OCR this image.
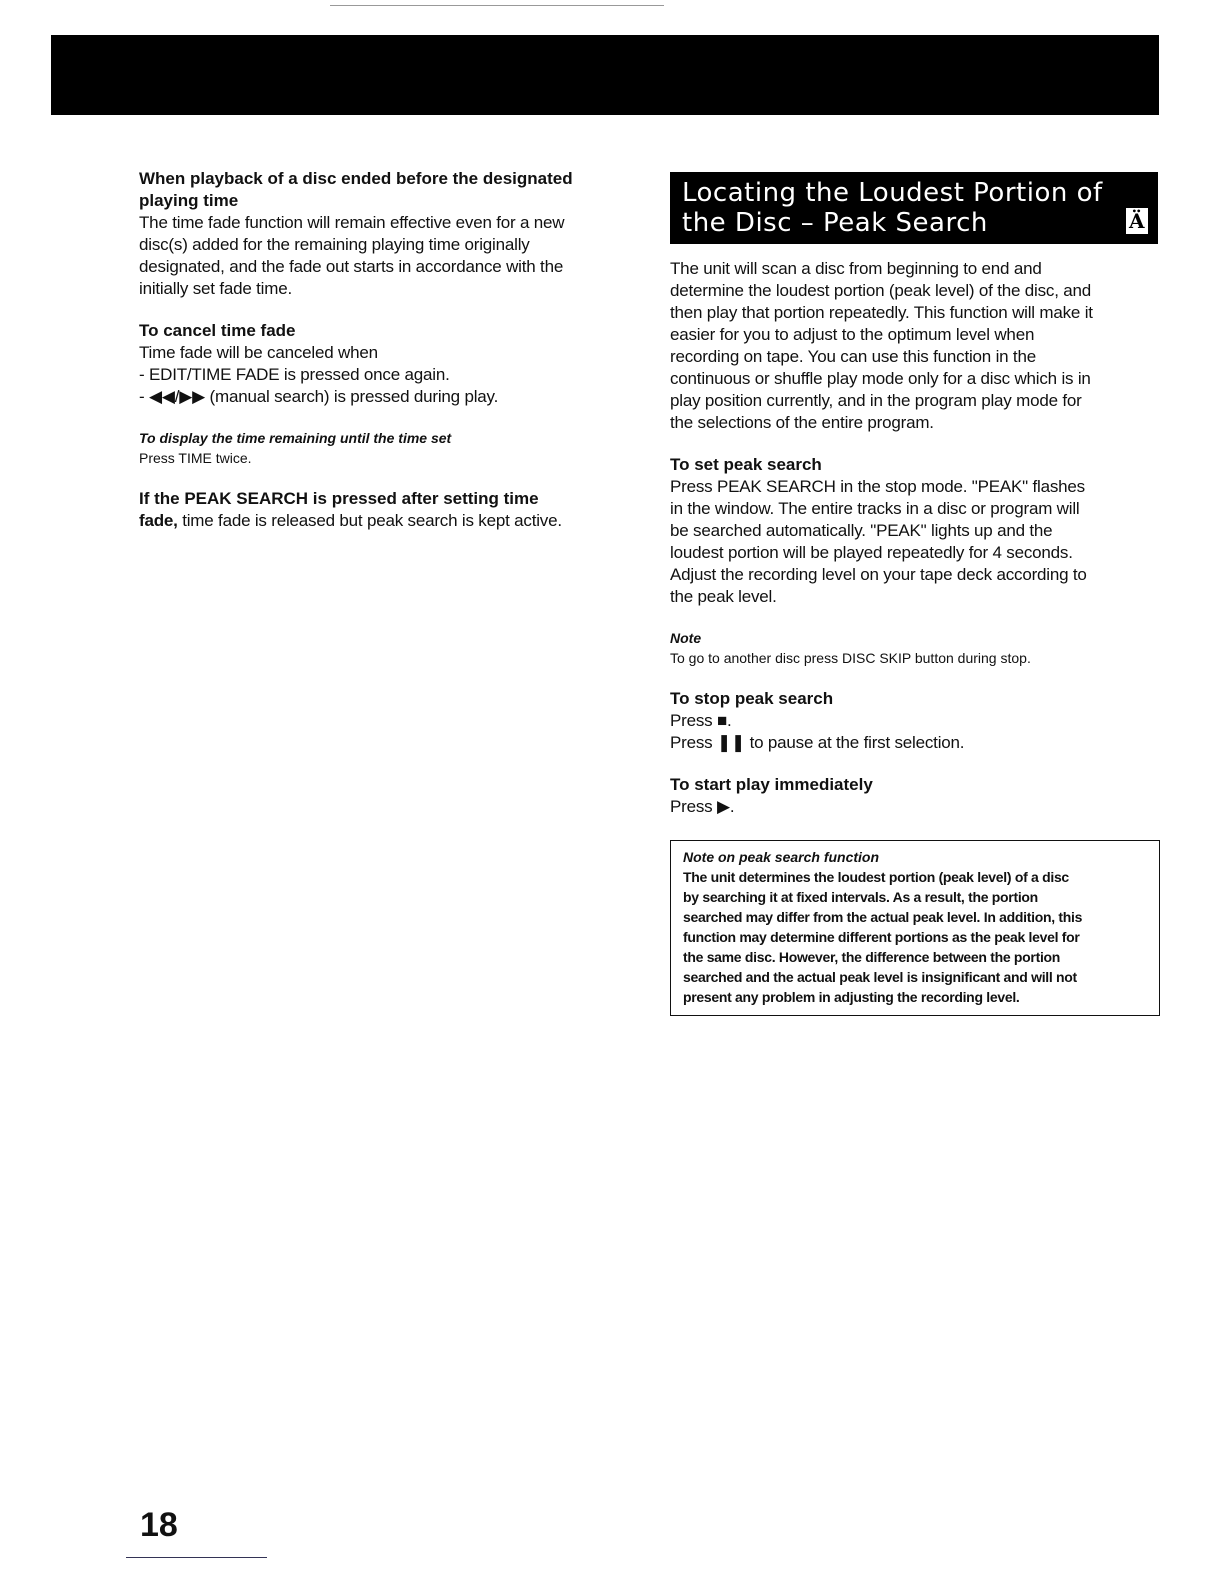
When playback of a disc ended before the designated

playing time

The time fade function will remain effective even for a new

disc(s) added for the remaining playing time originally

designated, and the fade out starts in accordance with the

initially set fade time.

To cancel time fade

Time fade will be canceled when

- EDIT/TIME FADE is pressed once again.

- ◀◀/▶▶ (manual search) is pressed during play.

To display the time remaining until the time set

Press TIME twice.

If the PEAK SEARCH is pressed after setting time

fade, time fade is released but peak search is kept active.

Locating the Loudest Portion of
the Disc – Peak Search	Ä

The unit will scan a disc from beginning to end and

determine the loudest portion (peak level) of the disc, and

then play that portion repeatedly. This function will make it

easier for you to adjust to the optimum level when

recording on tape. You can use this function in the

continuous or shuffle play mode only for a disc which is in

play position currently, and in the program play mode for

the selections of the entire program.

To set peak search

Press PEAK SEARCH in the stop mode. "PEAK" flashes

in the window. The entire tracks in a disc or program will

be searched automatically. "PEAK" lights up and the

loudest portion will be played repeatedly for 4 seconds.

Adjust the recording level on your tape deck according to

the peak level.

Note

To go to another disc press DISC SKIP button during stop.

To stop peak search

Press ■.

Press ❚❚ to pause at the first selection.

To start play immediately

Press ▶.

Note on peak search function

The unit determines the loudest portion (peak level) of a disc

by searching it at fixed intervals. As a result, the portion

searched may differ from the actual peak level. In addition, this

function may determine different portions as the peak level for

the same disc. However, the difference between the portion

searched and the actual peak level is insignificant and will not

present any problem in adjusting the recording level.

18
